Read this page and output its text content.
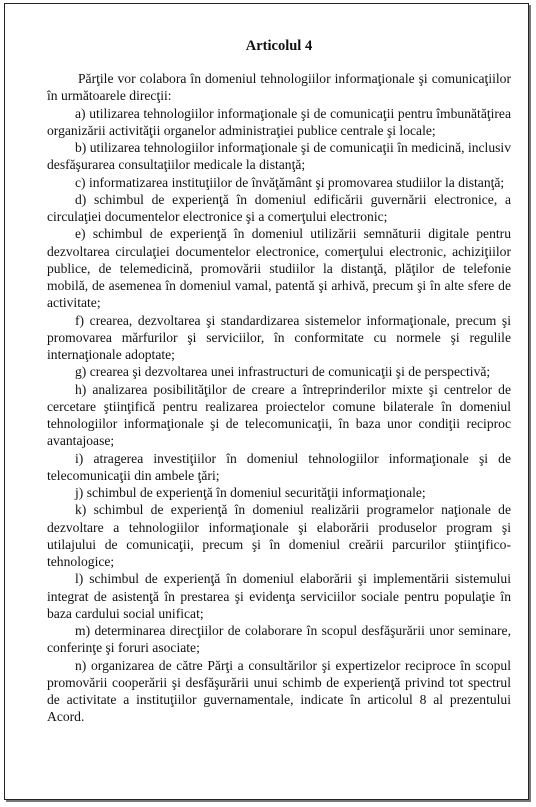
Articolul 4

Părţile vor colabora în domeniul tehnologiilor informaţionale şi comunicaţiilor în următoarele direcţii:

a) utilizarea tehnologiilor informaţionale şi de comunicaţii pentru îmbunătăţirea organizării activităţii organelor administraţiei publice centrale şi locale;

b) utilizarea tehnologiilor informaţionale şi de comunicaţii în medicină, inclusiv desfăşurarea consultaţiilor medicale la distanţă;

c) informatizarea instituţiilor de învăţământ şi promovarea studiilor la distanţă;

d) schimbul de experienţă în domeniul edificării guvernării electronice, a circulaţiei documentelor electronice şi a comerţului electronic;

e) schimbul de experienţă în domeniul utilizării semnăturii digitale pentru dezvoltarea circulaţiei documentelor electronice, comerţului electronic, achiziţiilor publice, de telemedicină, promovării studiilor la distanţă, plăţilor de telefonie mobilă, de asemenea în domeniul vamal, patentă şi arhivă, precum şi în alte sfere de activitate;

f) crearea, dezvoltarea şi standardizarea sistemelor informaţionale, precum şi promovarea mărfurilor şi serviciilor, în conformitate cu normele şi regulile internaţionale adoptate;

g) crearea şi dezvoltarea unei infrastructuri de comunicaţii şi de perspectivă;

h) analizarea posibilităţilor de creare a întreprinderilor mixte şi centrelor de cercetare ştiinţifică pentru realizarea proiectelor comune bilaterale în domeniul tehnologiilor informaţionale şi de telecomunicaţii, în baza unor condiţii reciproc avantajoase;

i) atragerea investiţiilor în domeniul tehnologiilor informaţionale şi de telecomunicaţii din ambele ţări;

j) schimbul de experienţă în domeniul securităţii informaţionale;

k) schimbul de experienţă în domeniul realizării programelor naţionale de dezvoltare a tehnologiilor informaţionale şi elaborării produselor program şi utilajului de comunicaţii, precum şi în domeniul creării parcurilor ştiinţifico-tehnologice;

l) schimbul de experienţă în domeniul elaborării şi implementării sistemului integrat de asistenţă în prestarea şi evidenţa serviciilor sociale pentru populaţie în baza cardului social unificat;

m) determinarea direcţiilor de colaborare în scopul desfăşurării unor seminare, conferinţe şi foruri asociate;

n) organizarea de către Părţi a consultărilor şi expertizelor reciproce în scopul promovării cooperării şi desfăşurării unui schimb de experienţă privind tot spectrul de activitate a instituţiilor guvernamentale, indicate în articolul 8 al prezentului Acord.
